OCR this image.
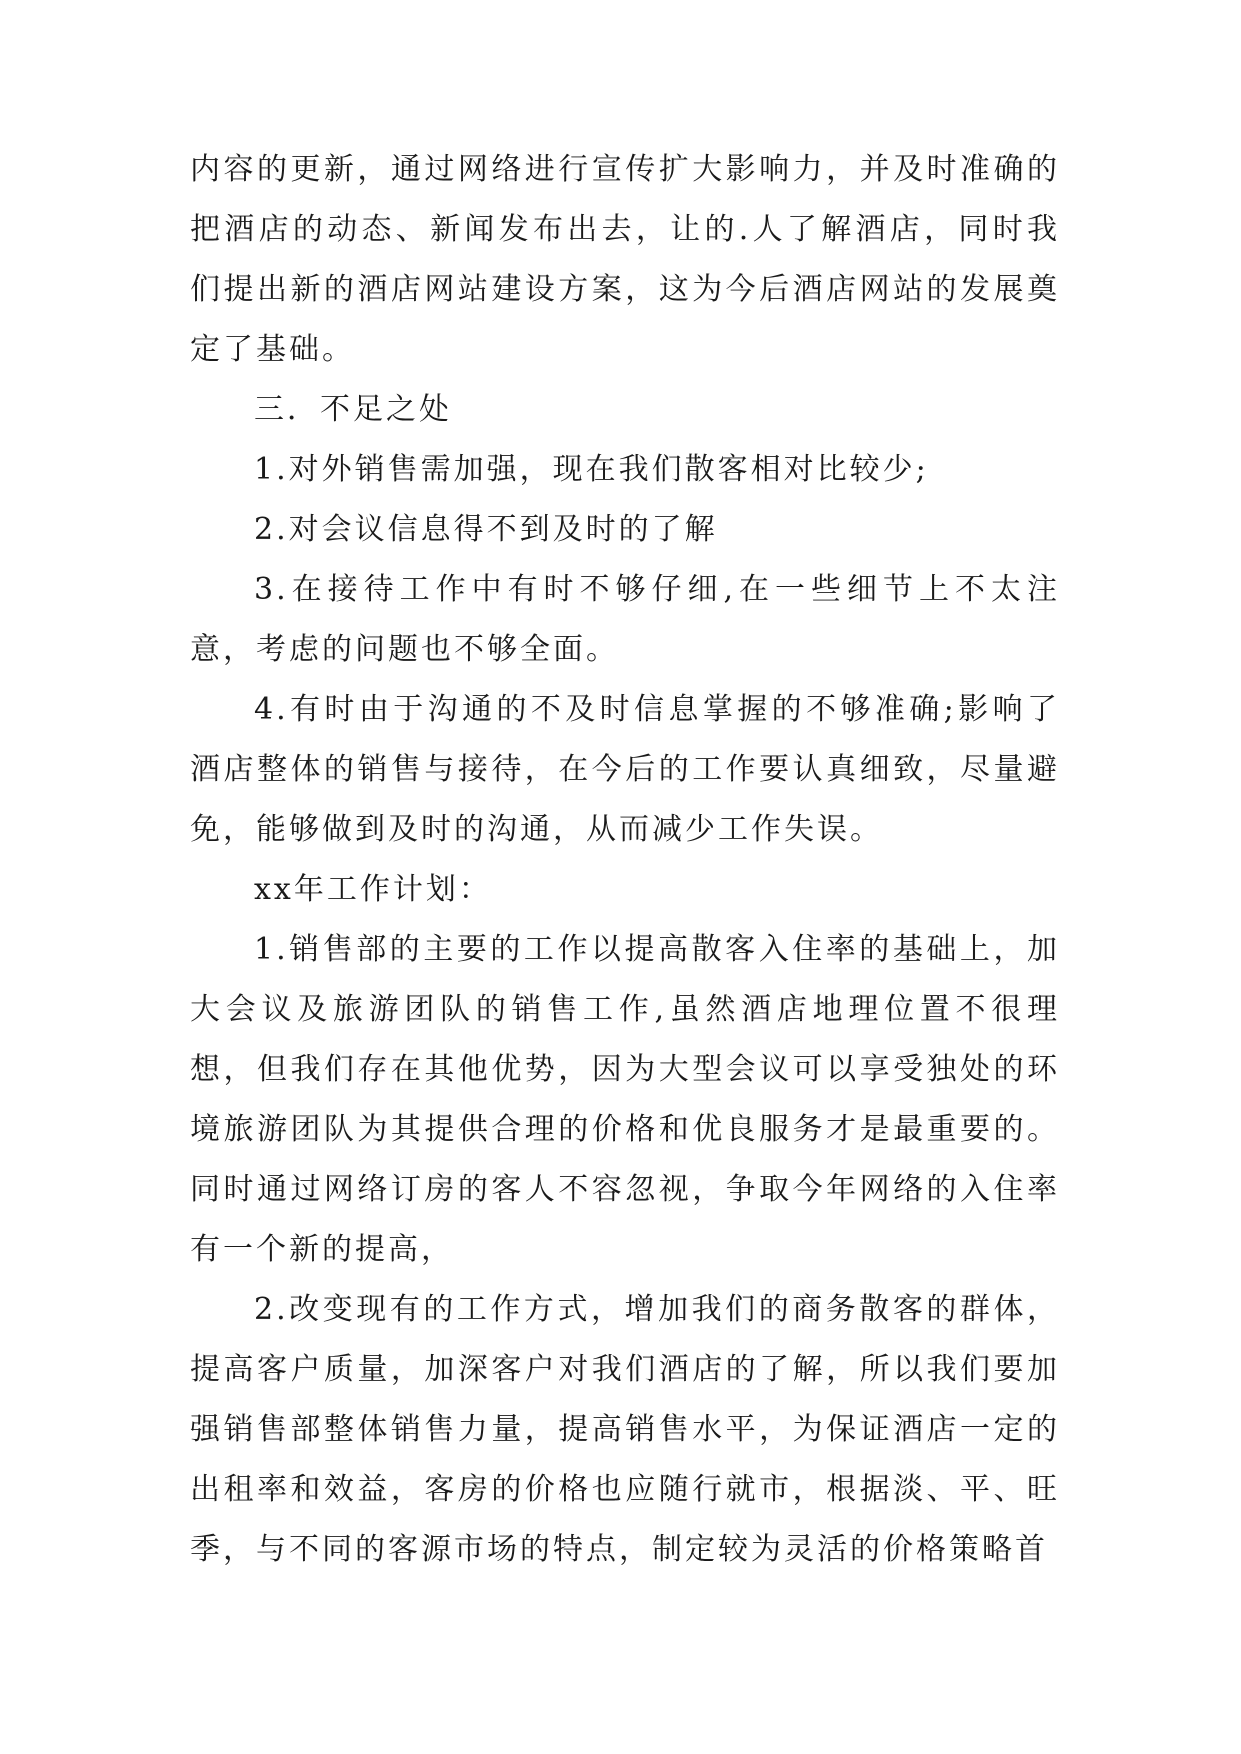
内容的更新，通过网络进行宣传扩大影响力，并及时准确的把酒店的动态、新闻发布出去，让的.人了解酒店，同时我们提出新的酒店网站建设方案，这为今后酒店网站的发展奠定了基础。

三．不足之处

1.对外销售需加强，现在我们散客相对比较少;

2.对会议信息得不到及时的了解

3.在接待工作中有时不够仔细,在一些细节上不太注意，考虑的问题也不够全面。

4.有时由于沟通的不及时信息掌握的不够准确;影响了酒店整体的销售与接待，在今后的工作要认真细致，尽量避免，能够做到及时的沟通，从而减少工作失误。

xx年工作计划：

1.销售部的主要的工作以提高散客入住率的基础上，加大会议及旅游团队的销售工作,虽然酒店地理位置不很理想，但我们存在其他优势，因为大型会议可以享受独处的环境旅游团队为其提供合理的价格和优良服务才是最重要的。同时通过网络订房的客人不容忽视，争取今年网络的入住率有一个新的提高，

2.改变现有的工作方式，增加我们的商务散客的群体，提高客户质量，加深客户对我们酒店的了解，所以我们要加强销售部整体销售力量，提高销售水平，为保证酒店一定的出租率和效益，客房的价格也应随行就市，根据淡、平、旺季，与不同的客源市场的特点，制定较为灵活的价格策略首
